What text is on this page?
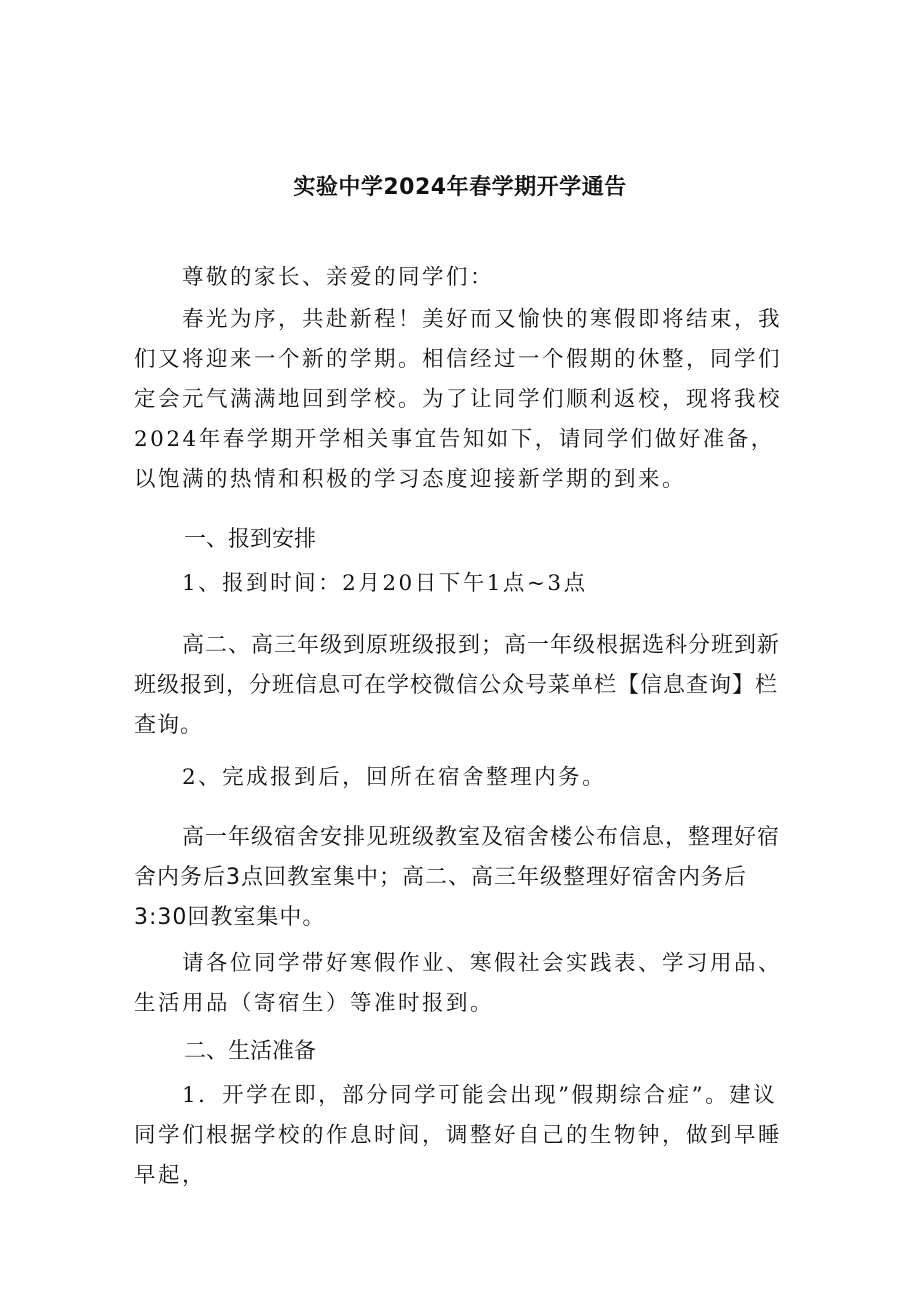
实验中学2024年春学期开学通告

尊敬的家长、亲爱的同学们：

春光为序，共赴新程！美好而又愉快的寒假即将结束，我们又将迎来一个新的学期。相信经过一个假期的休整，同学们定会元气满满地回到学校。为了让同学们顺利返校，现将我校2024年春学期开学相关事宜告知如下，请同学们做好准备，以饱满的热情和积极的学习态度迎接新学期的到来。

一、报到安排

1、报到时间：2月20日下午1点~3点

高二、高三年级到原班级报到；高一年级根据选科分班到新班级报到，分班信息可在学校微信公众号菜单栏【信息查询】栏查询。

2、完成报到后，回所在宿舍整理内务。

高一年级宿舍安排见班级教室及宿舍楼公布信息，整理好宿舍内务后3点回教室集中；高二、高三年级整理好宿舍内务后3:30回教室集中。

请各位同学带好寒假作业、寒假社会实践表、学习用品、生活用品（寄宿生）等准时报到。

二、生活准备

1．开学在即，部分同学可能会出现”假期综合症”。建议同学们根据学校的作息时间，调整好自己的生物钟，做到早睡早起，
